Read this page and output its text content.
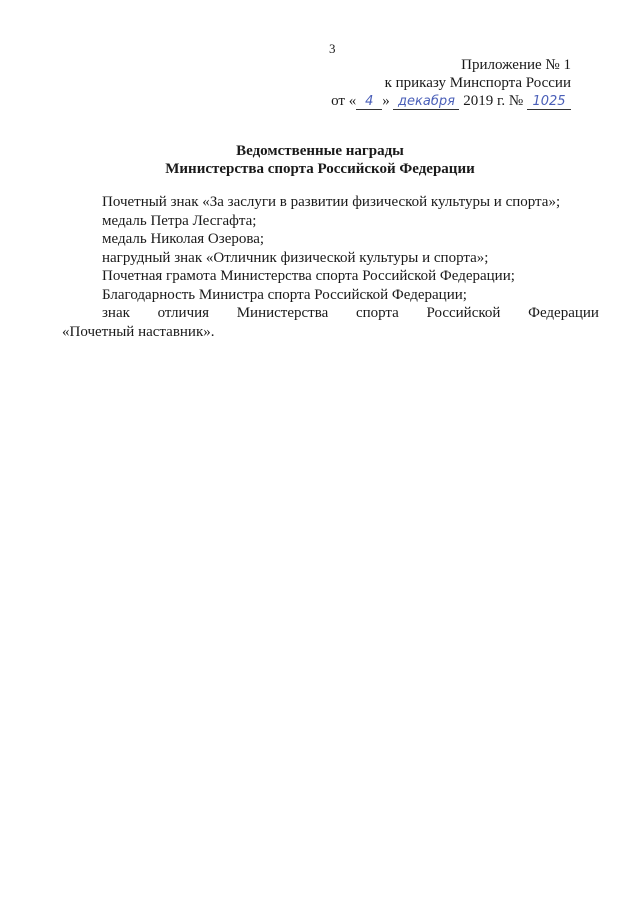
3
Приложение № 1
к приказу Минспорта России
от « 4 » декабря 2019 г. № 1025
Ведомственные награды
Министерства спорта Российской Федерации

Почетный знак «За заслуги в развитии физической культуры и спорта»;

медаль Петра Лесгафта;

медаль Николая Озерова;

нагрудный знак «Отличник физической культуры и спорта»;

Почетная грамота Министерства спорта Российской Федерации;

Благодарность Министра спорта Российской Федерации;

знак отличия Министерства спорта Российской Федерации

«Почетный наставник».
